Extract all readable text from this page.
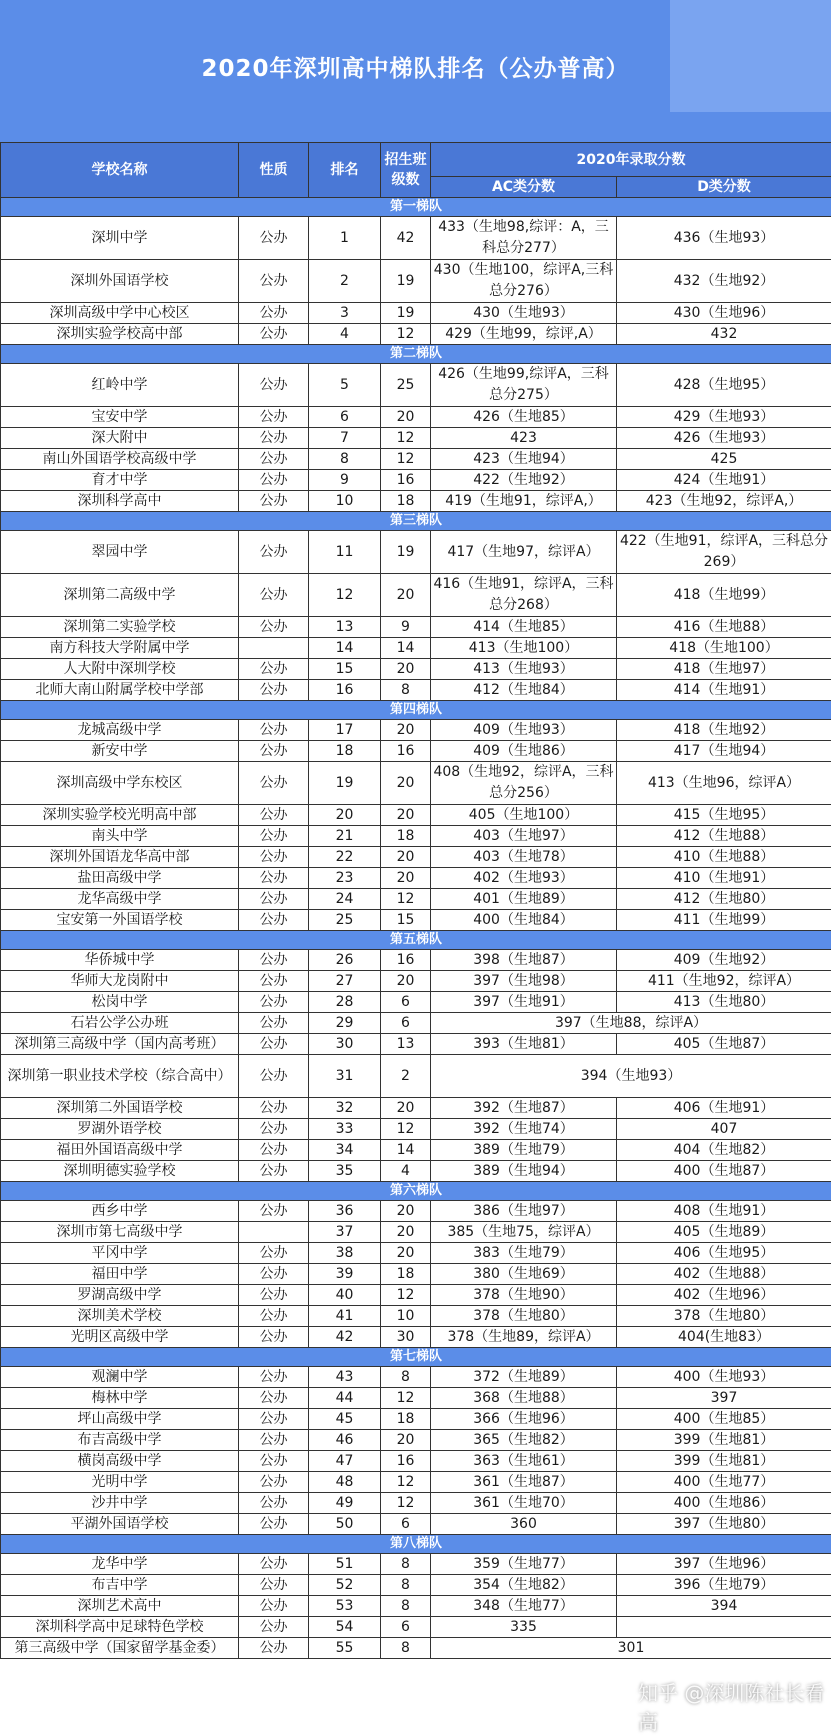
2020年深圳高中梯队排名（公办普高）
学校名称	性质	排名	招生班级数	2020年录取分数	
				AC类分数	D类分数
第一梯队					
深圳中学	公办	1	42	433（生地98,综评：A，三科总分277）	436（生地93）
深圳外国语学校	公办	2	19	430（生地100，综评A,三科总分276）	432（生地92）
深圳高级中学中心校区	公办	3	19	430（生地93）	430（生地96）
深圳实验学校高中部	公办	4	12	429（生地99，综评,A）	432
第二梯队					
红岭中学	公办	5	25	426（生地99,综评A，三科总分275）	428（生地95）
宝安中学	公办	6	20	426（生地85）	429（生地93）
深大附中	公办	7	12	423	426（生地93）
南山外国语学校高级中学	公办	8	12	423（生地94）	425
育才中学	公办	9	16	422（生地92）	424（生地91）
深圳科学高中	公办	10	18	419（生地91，综评A,）	423（生地92，综评A,）
第三梯队					
翠园中学	公办	11	19	417（生地97，综评A）	422（生地91，综评A，三科总分269）
深圳第二高级中学	公办	12	20	416（生地91，综评A，三科总分268）	418（生地99）
深圳第二实验学校	公办	13	9	414（生地85）	416（生地88）
南方科技大学附属中学		14	14	413（生地100）	418（生地100）
人大附中深圳学校	公办	15	20	413（生地93）	418（生地97）
北师大南山附属学校中学部	公办	16	8	412（生地84）	414（生地91）
第四梯队					
龙城高级中学	公办	17	20	409（生地93）	418（生地92）
新安中学	公办	18	16	409（生地86）	417（生地94）
深圳高级中学东校区	公办	19	20	408（生地92，综评A，三科总分256）	413（生地96，综评A）
深圳实验学校光明高中部	公办	20	20	405（生地100）	415（生地95）
南头中学	公办	21	18	403（生地97）	412（生地88）
深圳外国语龙华高中部	公办	22	20	403（生地78）	410（生地88）
盐田高级中学	公办	23	20	402（生地93）	410（生地91）
龙华高级中学	公办	24	12	401（生地89）	412（生地80）
宝安第一外国语学校	公办	25	15	400（生地84）	411（生地99）
第五梯队					
华侨城中学	公办	26	16	398（生地87）	409（生地92）
华师大龙岗附中	公办	27	20	397（生地98）	411（生地92，综评A）
松岗中学	公办	28	6	397（生地91）	413（生地80）
石岩公学公办班	公办	29	6	397（生地88，综评A）	
深圳第三高级中学（国内高考班）	公办	30	13	393（生地81）	405（生地87）
深圳第一职业技术学校（综合高中）	公办	31	2	394（生地93）	
深圳第二外国语学校	公办	32	20	392（生地87）	406（生地91）
罗湖外语学校	公办	33	12	392（生地74）	407
福田外国语高级中学	公办	34	14	389（生地79）	404（生地82）
深圳明德实验学校	公办	35	4	389（生地94）	400（生地87）
第六梯队					
西乡中学	公办	36	20	386（生地97）	408（生地91）
深圳市第七高级中学		37	20	385（生地75，综评A）	405（生地89）
平冈中学	公办	38	20	383（生地79）	406（生地95）
福田中学	公办	39	18	380（生地69）	402（生地88）
罗湖高级中学	公办	40	12	378（生地90）	402（生地96）
深圳美术学校	公办	41	10	378（生地80）	378（生地80）
光明区高级中学	公办	42	30	378（生地89，综评A）	404(生地83）
第七梯队					
观澜中学	公办	43	8	372（生地89）	400（生地93）
梅林中学	公办	44	12	368（生地88）	397
坪山高级中学	公办	45	18	366（生地96）	400（生地85）
布吉高级中学	公办	46	20	365（生地82）	399（生地81）
横岗高级中学	公办	47	16	363（生地61）	399（生地81）
光明中学	公办	48	12	361（生地87）	400（生地77）
沙井中学	公办	49	12	361（生地70）	400（生地86）
平湖外国语学校	公办	50	6	360	397（生地80）
第八梯队					
龙华中学	公办	51	8	359（生地77）	397（生地96）
布吉中学	公办	52	8	354（生地82）	396（生地79）
深圳艺术高中	公办	53	8	348（生地77）	394
深圳科学高中足球特色学校	公办	54	6	335	
第三高级中学（国家留学基金委）	公办	55	8	301	
知乎 @深圳陈社长看高
